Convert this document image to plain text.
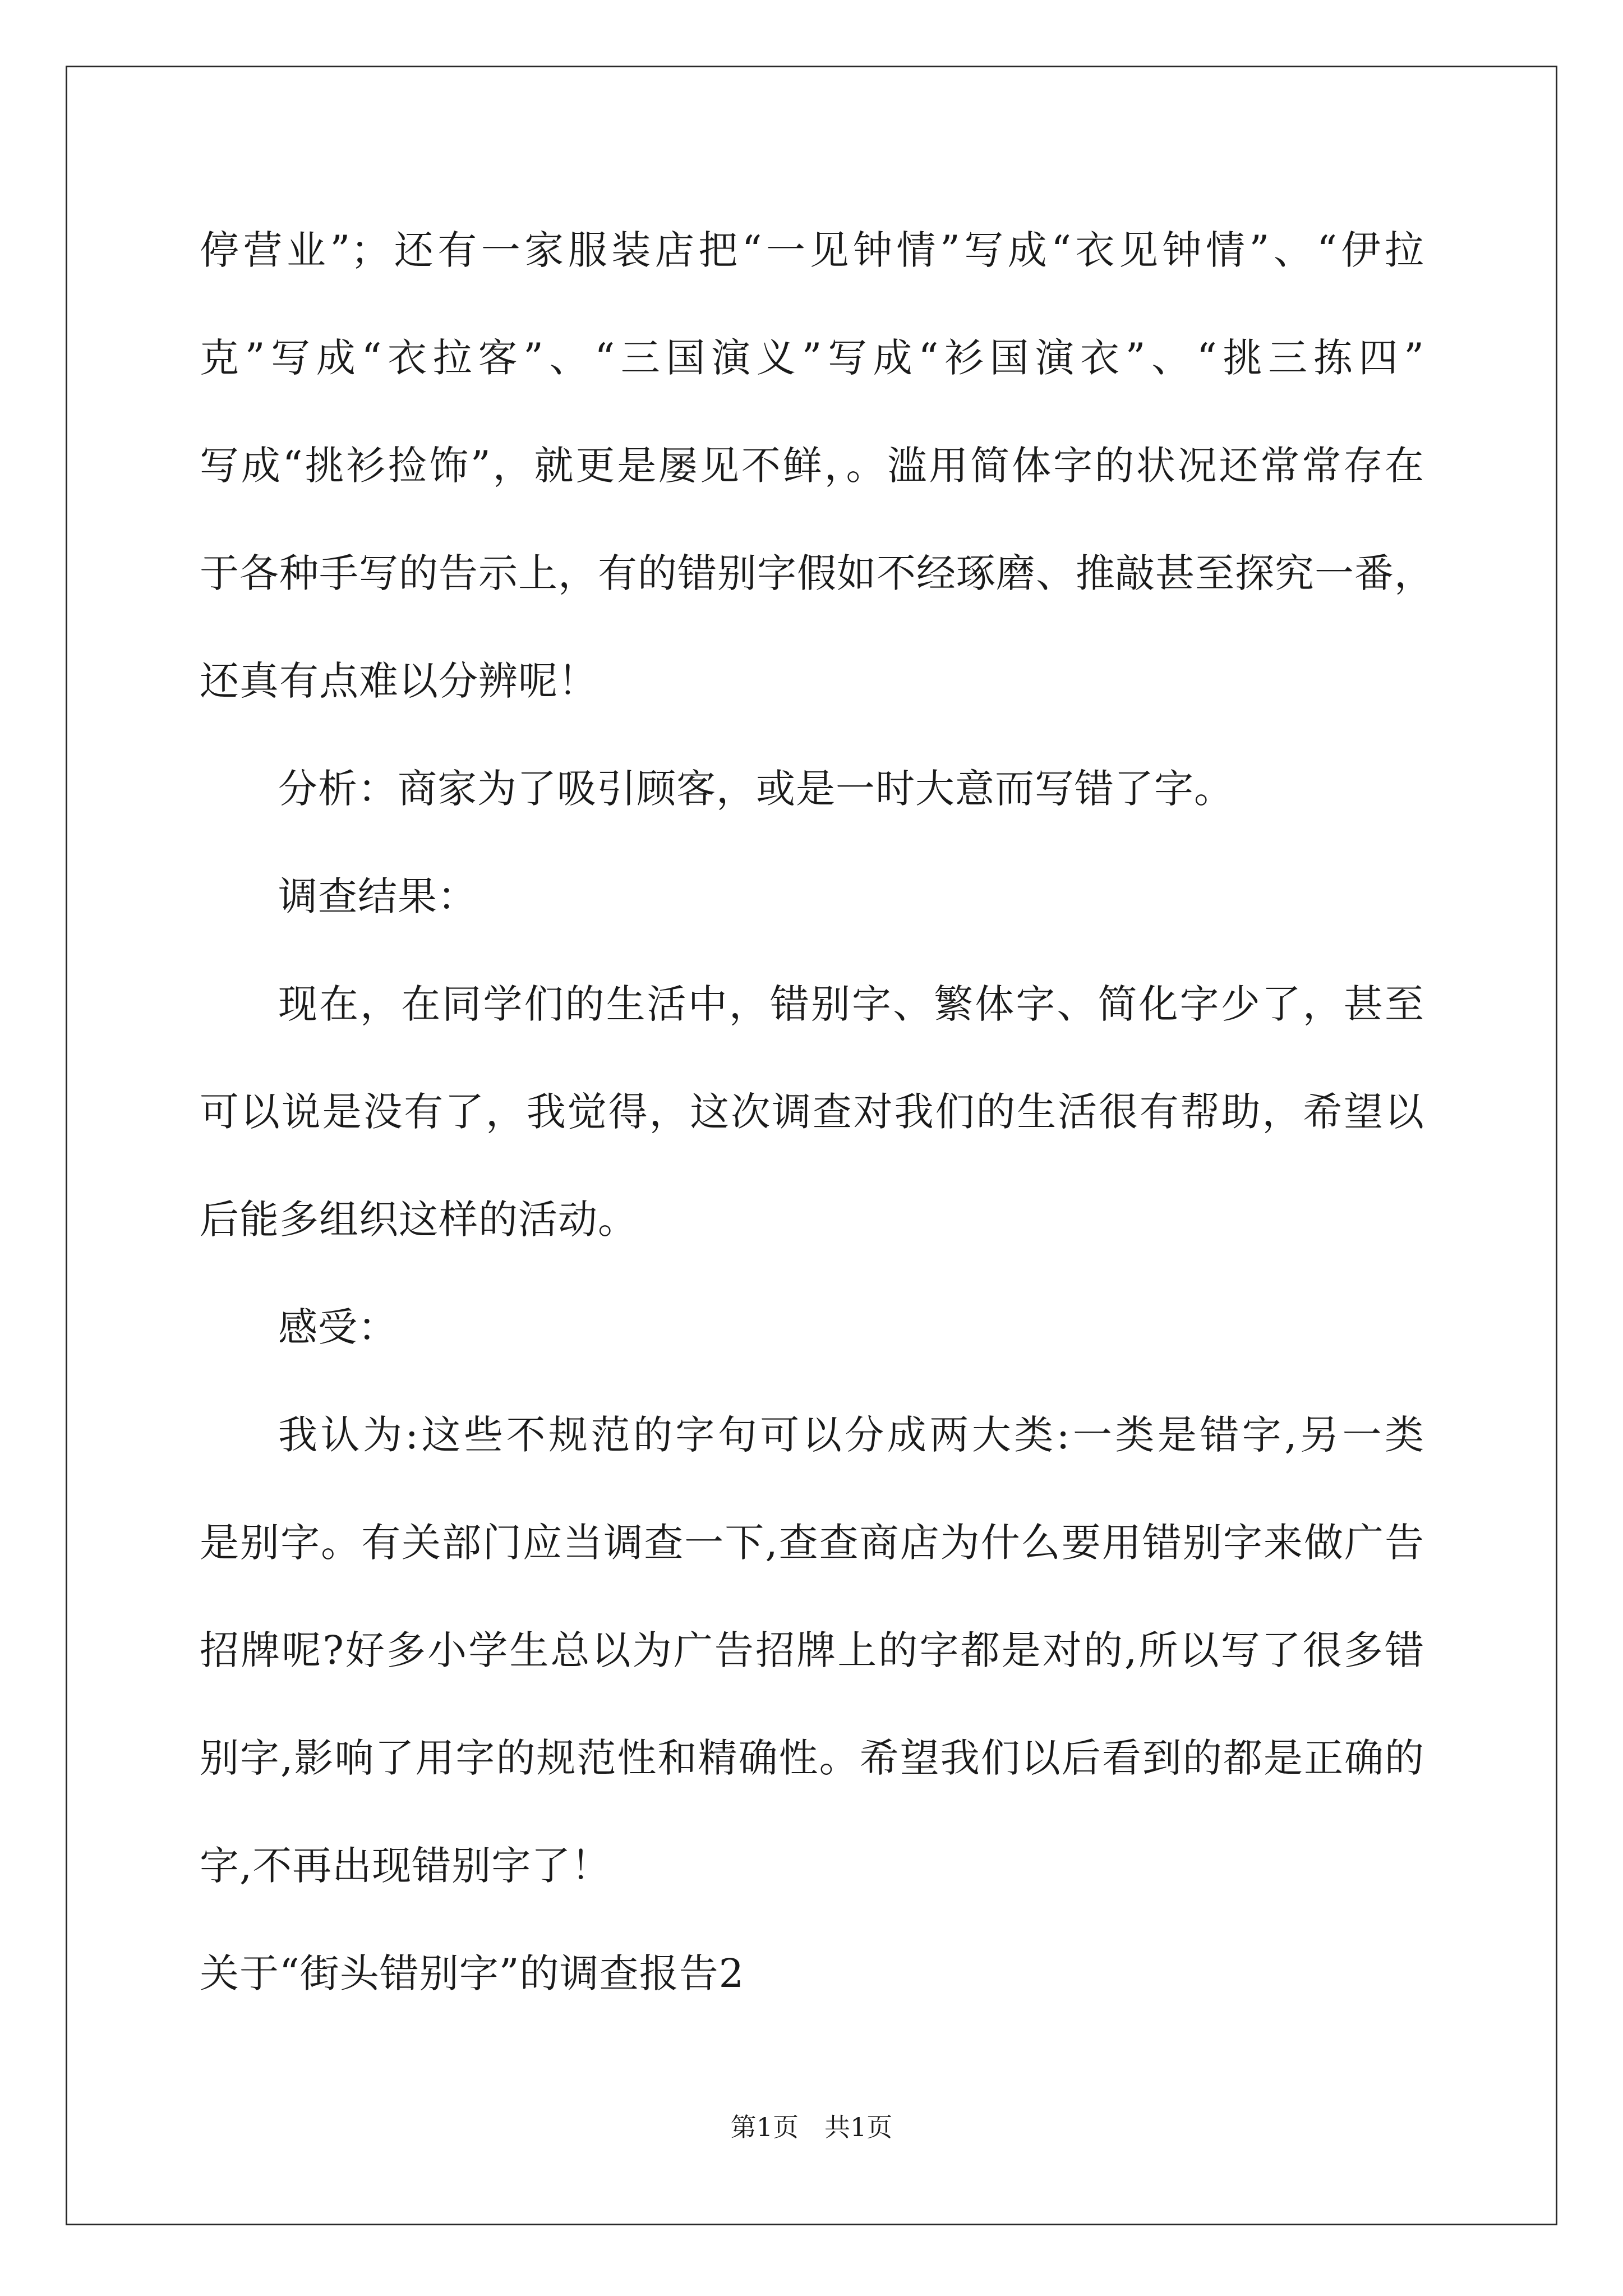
停营业”；还有一家服装店把“一见钟情”写成“衣见钟情”、“伊拉
克”写成“衣拉客”、“三国演义”写成“衫国演衣”、“挑三拣四”
写成“挑衫捡饰”，就更是屡见不鲜，。滥用简体字的状况还常常存在
于各种手写的告示上，有的错别字假如不经琢磨、推敲甚至探究一番，
还真有点难以分辨呢！
分析：商家为了吸引顾客，或是一时大意而写错了字。
调查结果：
现在，在同学们的生活中，错别字、繁体字、简化字少了，甚至
可以说是没有了，我觉得，这次调查对我们的生活很有帮助，希望以
后能多组织这样的活动。
感受：
我认为:这些不规范的字句可以分成两大类:一类是错字,另一类
是别字。有关部门应当调查一下,查查商店为什么要用错别字来做广告
招牌呢?好多小学生总以为广告招牌上的字都是对的,所以写了很多错
别字,影响了用字的规范性和精确性。希望我们以后看到的都是正确的
字,不再出现错别字了！
关于“街头错别字”的调查报告2
第1页　共1页
